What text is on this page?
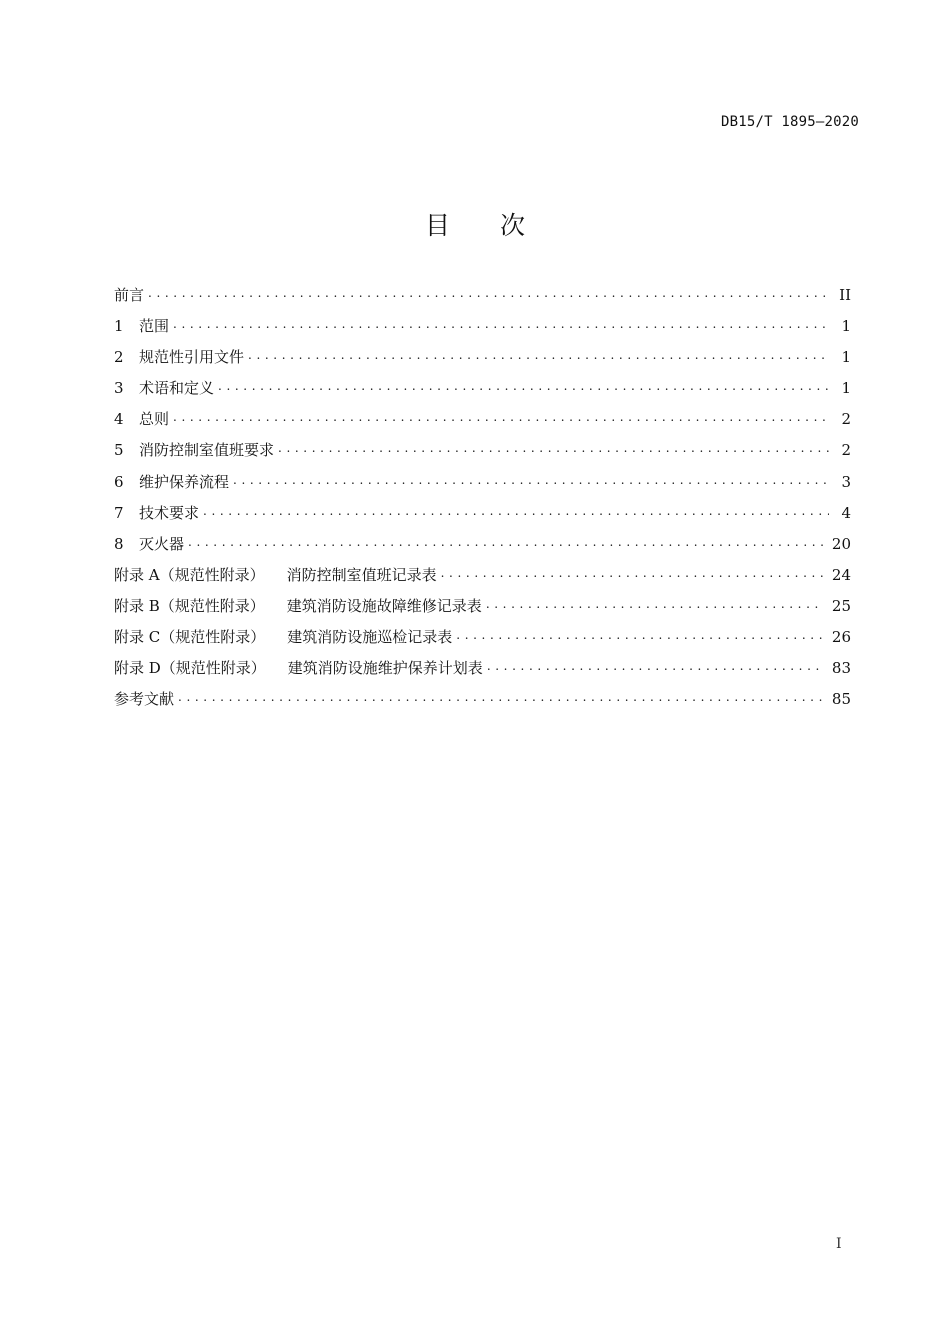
DB15/T 1895—2020
目 次
前言 . . .	II
1	范围 . . .	1
2	规范性引用文件 . . .	1
3	术语和定义 . . .	1
4	总则 . . .	2
5	消防控制室值班要求 . . .	2
6	维护保养流程 . . .	3
7	技术要求 . . .	4
8	灭火器 . . .	20
附录 A（规范性附录） 消防控制室值班记录表 . . .	24
附录 B（规范性附录） 建筑消防设施故障维修记录表 . . .	25
附录 C（规范性附录） 建筑消防设施巡检记录表 . . .	26
附录 D（规范性附录） 建筑消防设施维护保养计划表 . . .	83
参考文献 . . .	85
I
